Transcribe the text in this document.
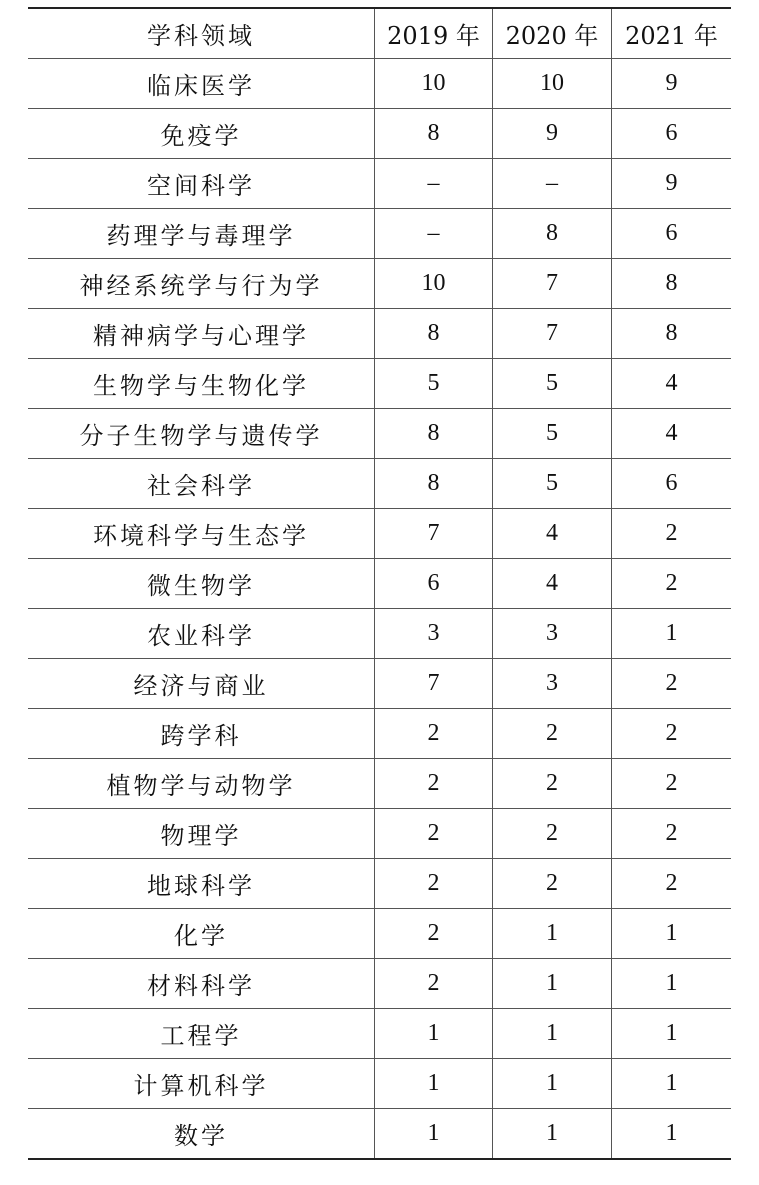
学科领域	2019 年	2020 年	2021 年
临床医学	10	10	9
免疫学	8	9	6
空间科学	–	–	9
药理学与毒理学	–	8	6
神经系统学与行为学	10	7	8
精神病学与心理学	8	7	8
生物学与生物化学	5	5	4
分子生物学与遗传学	8	5	4
社会科学	8	5	6
环境科学与生态学	7	4	2
微生物学	6	4	2
农业科学	3	3	1
经济与商业	7	3	2
跨学科	2	2	2
植物学与动物学	2	2	2
物理学	2	2	2
地球科学	2	2	2
化学	2	1	1
材料科学	2	1	1
工程学	1	1	1
计算机科学	1	1	1
数学	1	1	1
